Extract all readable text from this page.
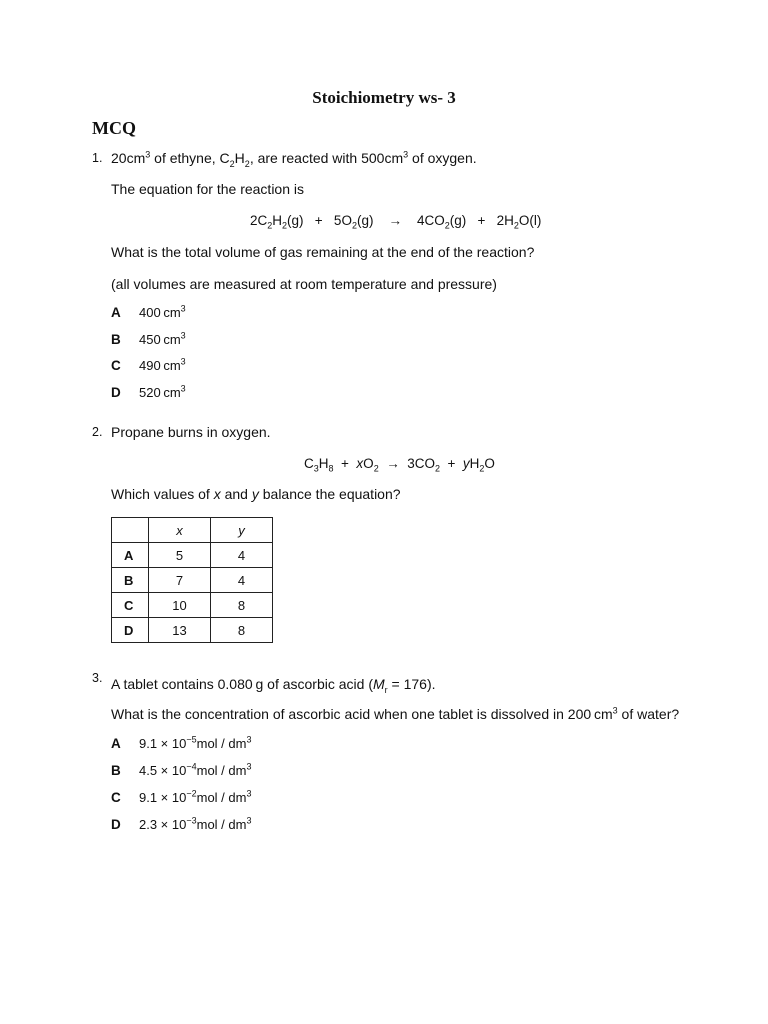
Stoichiometry ws- 3
MCQ
1. $20cm^3$ of ethyne, $C_2H_2$, are reacted with $500cm^3$ of oxygen.
The equation for the reaction is
$2C_2H_2(g) + 5O_2(g)$    →    $4CO_2(g) + 2H_2O(l)$
What is the total volume of gas remaining at the end of the reaction?
(all volumes are measured at room temperature and pressure)
A 400  $cm^3$
B 450  $cm^3$
C 490  $cm^3$
D 520  $cm^3$
2. Propane burns in oxygen.
$C_3H_8 + xO_2 \to 3CO_2 + yH_2O$
Which values of x and y balance the equation?
	x	y
A	5	4
B	7	4
C	10	8
D	13	8
3. A tablet contains 0.080  g of ascorbic acid $(M_r = 176)$.
What is the concentration of ascorbic acid when one tablet is dissolved in 200  $cm^3$ of water?
A $9.1 \times 10^{-5}mol / dm^3$
B $4.5 \times 10^{-4}mol / dm^3$
C $9.1 \times 10^{-2}mol / dm^3$
D $2.3 \times 10^{-3}mol / dm^3$
